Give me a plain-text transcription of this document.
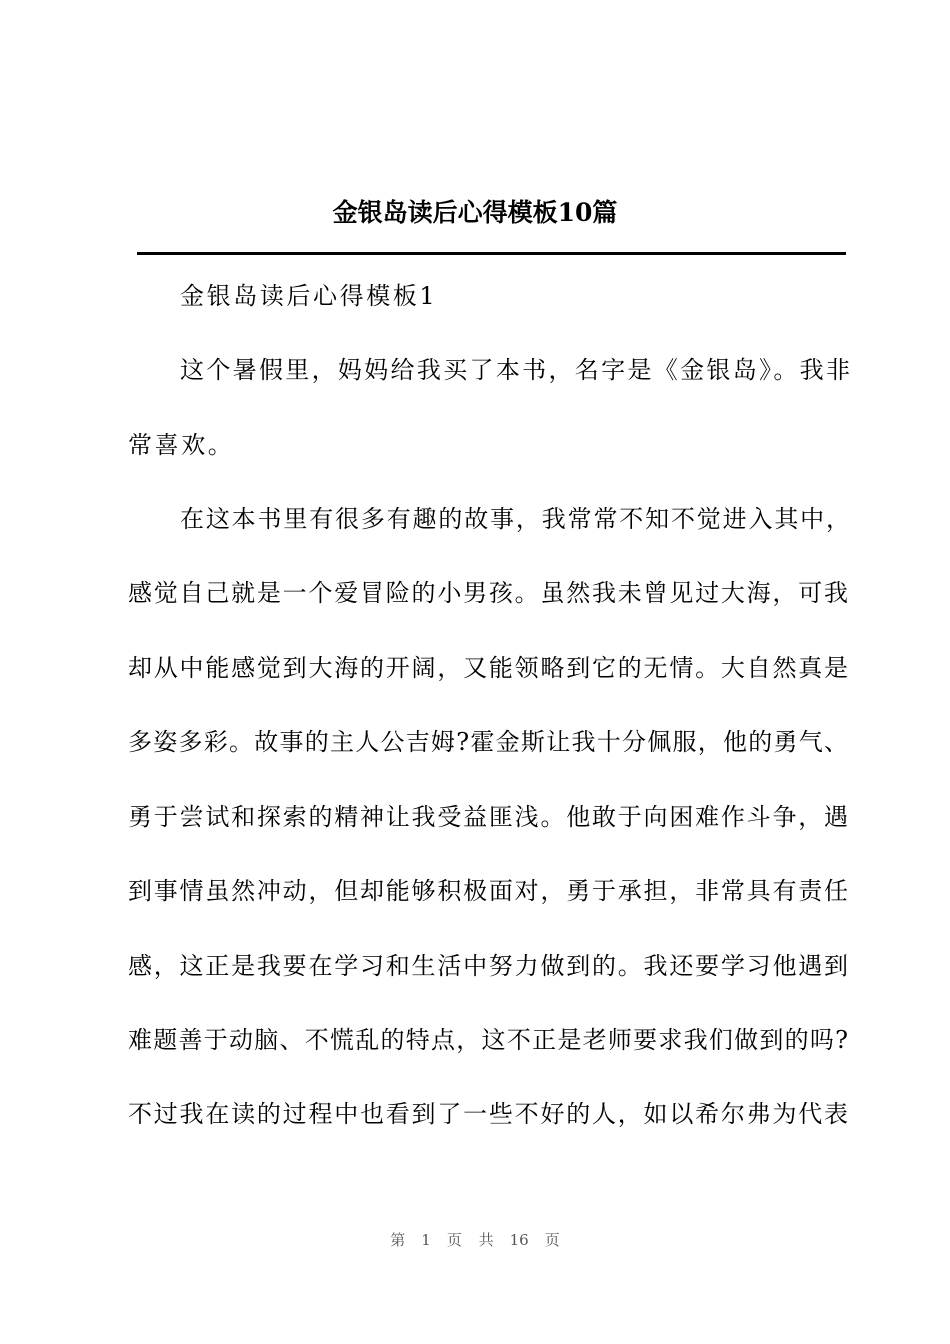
金银岛读后心得模板10篇

金银岛读后心得模板1

这个暑假里，妈妈给我买了本书，名字是《金银岛》。我非

常喜欢。

在这本书里有很多有趣的故事，我常常不知不觉进入其中，

感觉自己就是一个爱冒险的小男孩。虽然我未曾见过大海，可我

却从中能感觉到大海的开阔，又能领略到它的无情。大自然真是

多姿多彩。故事的主人公吉姆?霍金斯让我十分佩服，他的勇气、

勇于尝试和探索的精神让我受益匪浅。他敢于向困难作斗争，遇

到事情虽然冲动，但却能够积极面对，勇于承担，非常具有责任

感，这正是我要在学习和生活中努力做到的。我还要学习他遇到

难题善于动脑、不慌乱的特点，这不正是老师要求我们做到的吗?

不过我在读的过程中也看到了一些不好的人，如以希尔弗为代表

第 1 页 共 16 页
